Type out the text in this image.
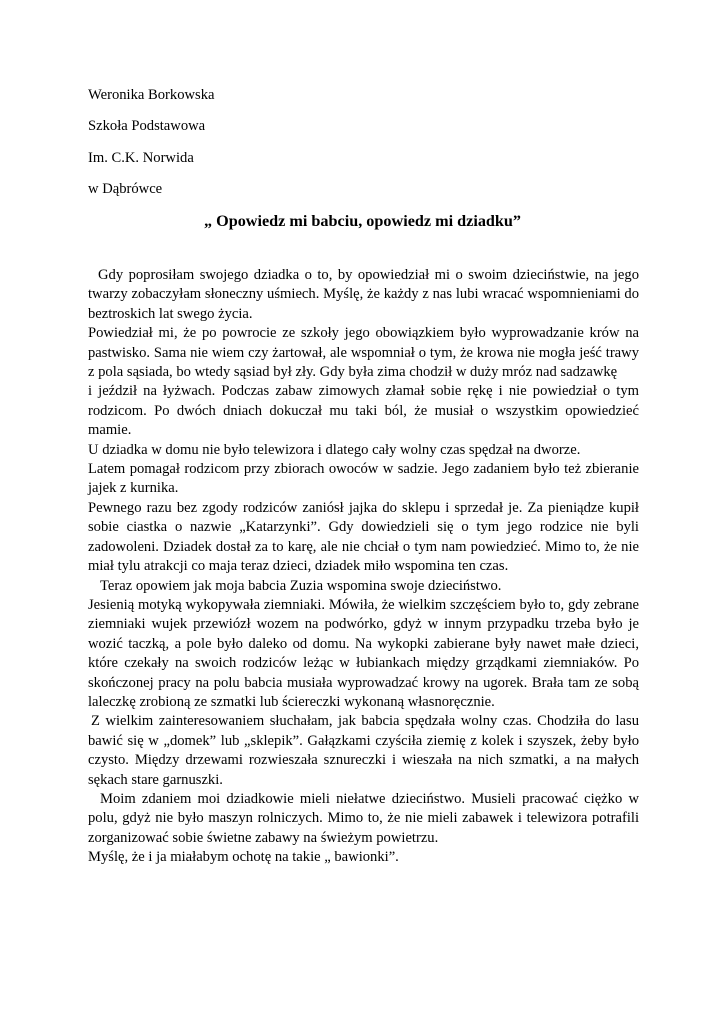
Weronika Borkowska
Szkoła Podstawowa
Im. C.K. Norwida
w Dąbrówce
„ Opowiedz mi babciu, opowiedz mi dziadku”

Gdy poprosiłam swojego dziadka o to, by opowiedział mi o swoim dzieciństwie, na jego twarzy zobaczyłam słoneczny uśmiech. Myślę, że każdy z nas lubi wracać wspomnieniami do beztroskich lat swego życia.

Powiedział mi, że po powrocie ze szkoły jego obowiązkiem było wyprowadzanie krów na pastwisko. Sama nie wiem czy żartował, ale wspomniał o tym, że krowa nie mogła jeść trawy z pola sąsiada, bo wtedy sąsiad był zły. Gdy była zima chodził w duży mróz nad sadzawkę

i jeździł na łyżwach. Podczas zabaw zimowych złamał sobie rękę i nie powiedział o tym rodzicom. Po dwóch dniach dokuczał mu taki ból, że musiał o wszystkim opowiedzieć mamie.

U dziadka w domu nie było telewizora i dlatego cały wolny czas spędzał na dworze.

Latem pomagał rodzicom przy zbiorach owoców w sadzie. Jego zadaniem było też zbieranie jajek z kurnika.

Pewnego razu bez zgody rodziców zaniósł jajka do sklepu i sprzedał je. Za pieniądze kupił sobie ciastka o nazwie „Katarzynki”. Gdy dowiedzieli się o tym jego rodzice nie byli zadowoleni. Dziadek dostał za to karę, ale nie chciał o tym nam powiedzieć. Mimo to, że nie miał tylu atrakcji co maja teraz dzieci, dziadek miło wspomina ten czas.

Teraz opowiem jak moja babcia Zuzia wspomina swoje dzieciństwo.

Jesienią motyką wykopywała ziemniaki. Mówiła, że wielkim szczęściem było to, gdy zebrane ziemniaki wujek przewiózł wozem na podwórko, gdyż w innym przypadku trzeba było je wozić taczką, a pole było daleko od domu. Na wykopki zabierane były nawet małe dzieci, które czekały na swoich rodziców leżąc w łubiankach między grządkami ziemniaków. Po skończonej pracy na polu babcia musiała wyprowadzać krowy na ugorek. Brała tam ze sobą laleczkę zrobioną ze szmatki lub ściereczki wykonaną własnoręcznie.

Z wielkim zainteresowaniem słuchałam, jak babcia spędzała wolny czas. Chodziła do lasu bawić się w „domek” lub „sklepik”. Gałązkami czyściła ziemię z kolek i szyszek, żeby było czysto. Między drzewami rozwieszała sznureczki i wieszała na nich szmatki, a na małych sękach stare garnuszki.

Moim zdaniem moi dziadkowie mieli niełatwe dzieciństwo. Musieli pracować ciężko w polu, gdyż nie było maszyn rolniczych. Mimo to, że nie mieli zabawek i telewizora potrafili zorganizować sobie świetne zabawy na świeżym powietrzu.

Myślę, że i ja miałabym ochotę na takie „ bawionki”.
